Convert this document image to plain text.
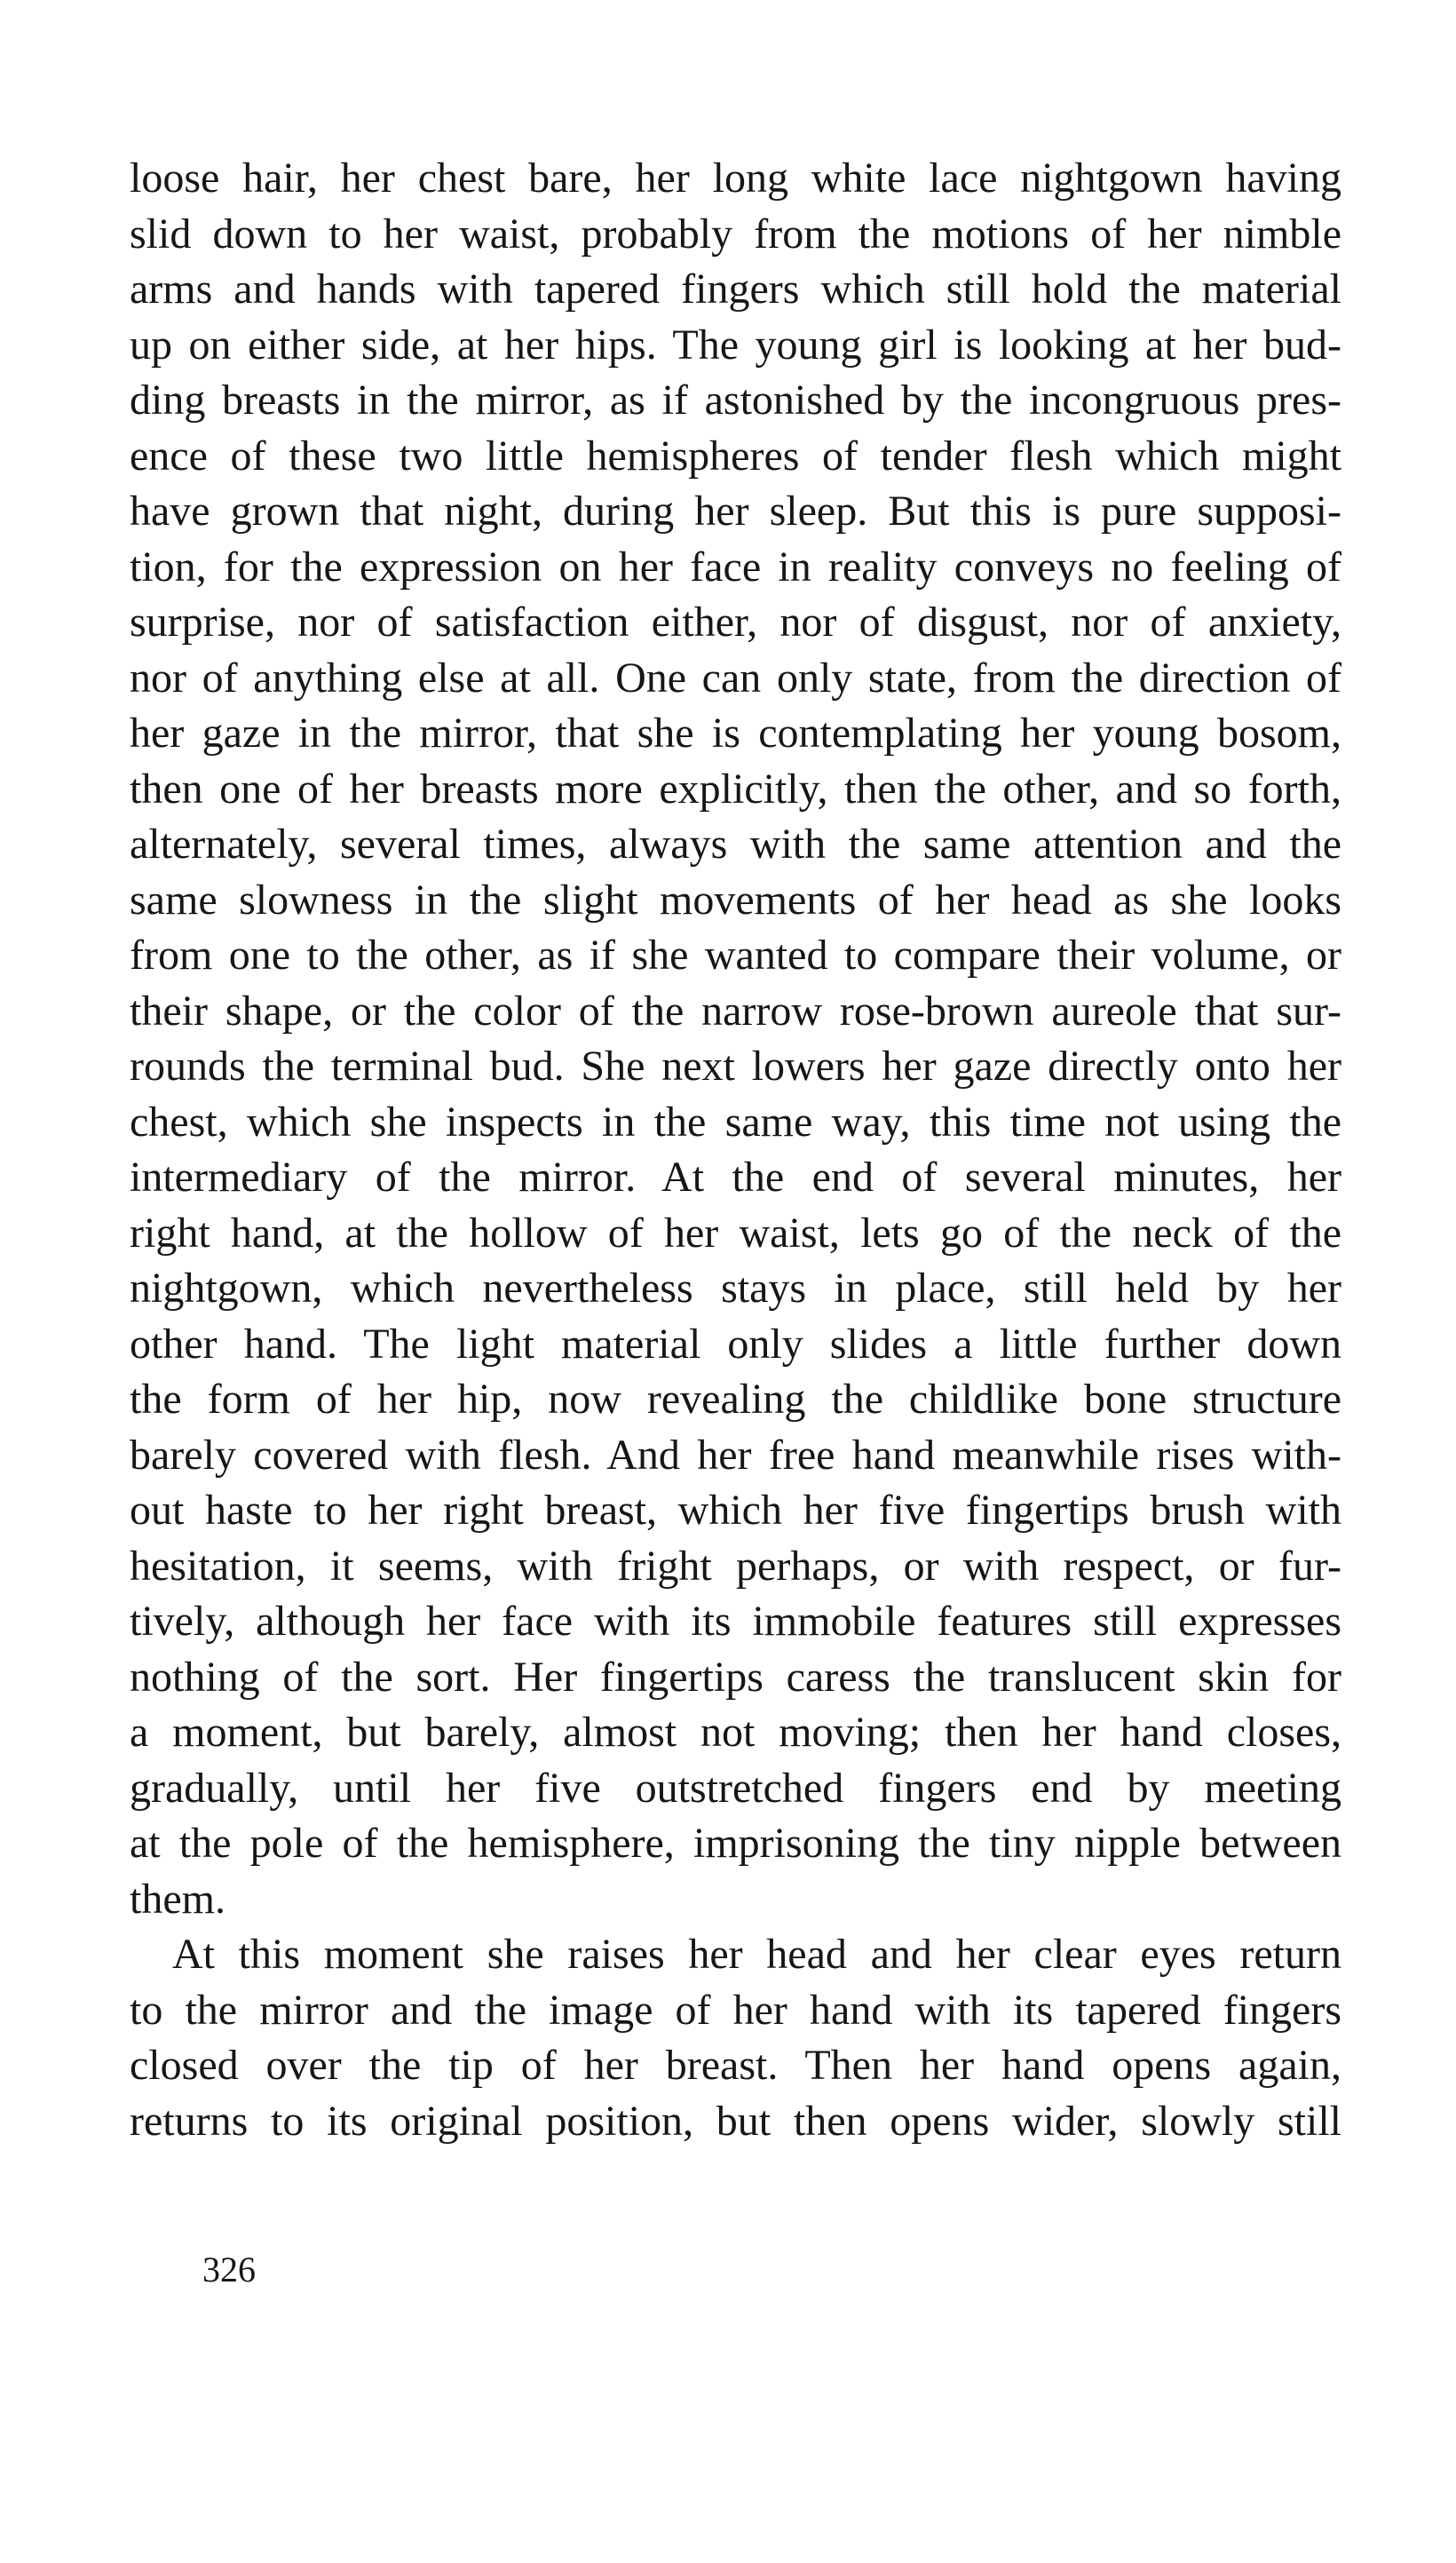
loose hair, her chest bare, her long white lace nightgown having
slid down to her waist, probably from the motions of her nimble
arms and hands with tapered fingers which still hold the material
up on either side, at her hips. The young girl is looking at her bud-
ding breasts in the mirror, as if astonished by the incongruous pres-
ence of these two little hemispheres of tender flesh which might
have grown that night, during her sleep. But this is pure supposi-
tion, for the expression on her face in reality conveys no feeling of
surprise, nor of satisfaction either, nor of disgust, nor of anxiety,
nor of anything else at all. One can only state, from the direction of
her gaze in the mirror, that she is contemplating her young bosom,
then one of her breasts more explicitly, then the other, and so forth,
alternately, several times, always with the same attention and the
same slowness in the slight movements of her head as she looks
from one to the other, as if she wanted to compare their volume, or
their shape, or the color of the narrow rose-brown aureole that sur-
rounds the terminal bud. She next lowers her gaze directly onto her
chest, which she inspects in the same way, this time not using the
intermediary of the mirror. At the end of several minutes, her
right hand, at the hollow of her waist, lets go of the neck of the
nightgown, which nevertheless stays in place, still held by her
other hand. The light material only slides a little further down
the form of her hip, now revealing the childlike bone structure
barely covered with flesh. And her free hand meanwhile rises with-
out haste to her right breast, which her five fingertips brush with
hesitation, it seems, with fright perhaps, or with respect, or fur-
tively, although her face with its immobile features still expresses
nothing of the sort. Her fingertips caress the translucent skin for
a moment, but barely, almost not moving; then her hand closes,
gradually, until her five outstretched fingers end by meeting
at the pole of the hemisphere, imprisoning the tiny nipple between
them.
At this moment she raises her head and her clear eyes return
to the mirror and the image of her hand with its tapered fingers
closed over the tip of her breast. Then her hand opens again,
returns to its original position, but then opens wider, slowly still
326
